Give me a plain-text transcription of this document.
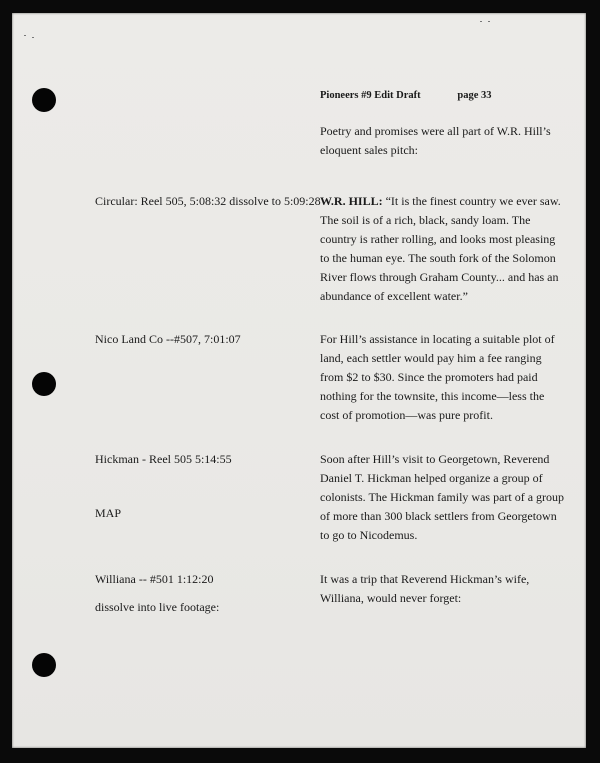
Pioneers #9 Edit Draft	page 33

Circular: Reel 505, 5:08:32 dissolve to 5:09:28

Nico Land Co --#507, 7:01:07

Hickman - Reel 505 5:14:55

MAP

Williana -- #501 1:12:20

dissolve into live footage:

Poetry and promises were all part of W.R. Hill’s eloquent sales pitch:

W.R. HILL: “It is the finest country we ever saw. The soil is of a rich, black, sandy loam. The country is rather rolling, and looks most pleasing to the human eye. The south fork of the Solomon River flows through Graham County... and has an abundance of excellent water.”

For Hill’s assistance in locating a suitable plot of land, each settler would pay him a fee ranging from $2 to $30. Since the promoters had paid nothing for the townsite, this income—less the cost of promotion—was pure profit.

Soon after Hill’s visit to Georgetown, Reverend Daniel T. Hickman helped organize a group of colonists. The Hickman family was part of a group of more than 300 black settlers from Georgetown to go to Nicodemus.

It was a trip that Reverend Hickman’s wife, Williana, would never forget:
